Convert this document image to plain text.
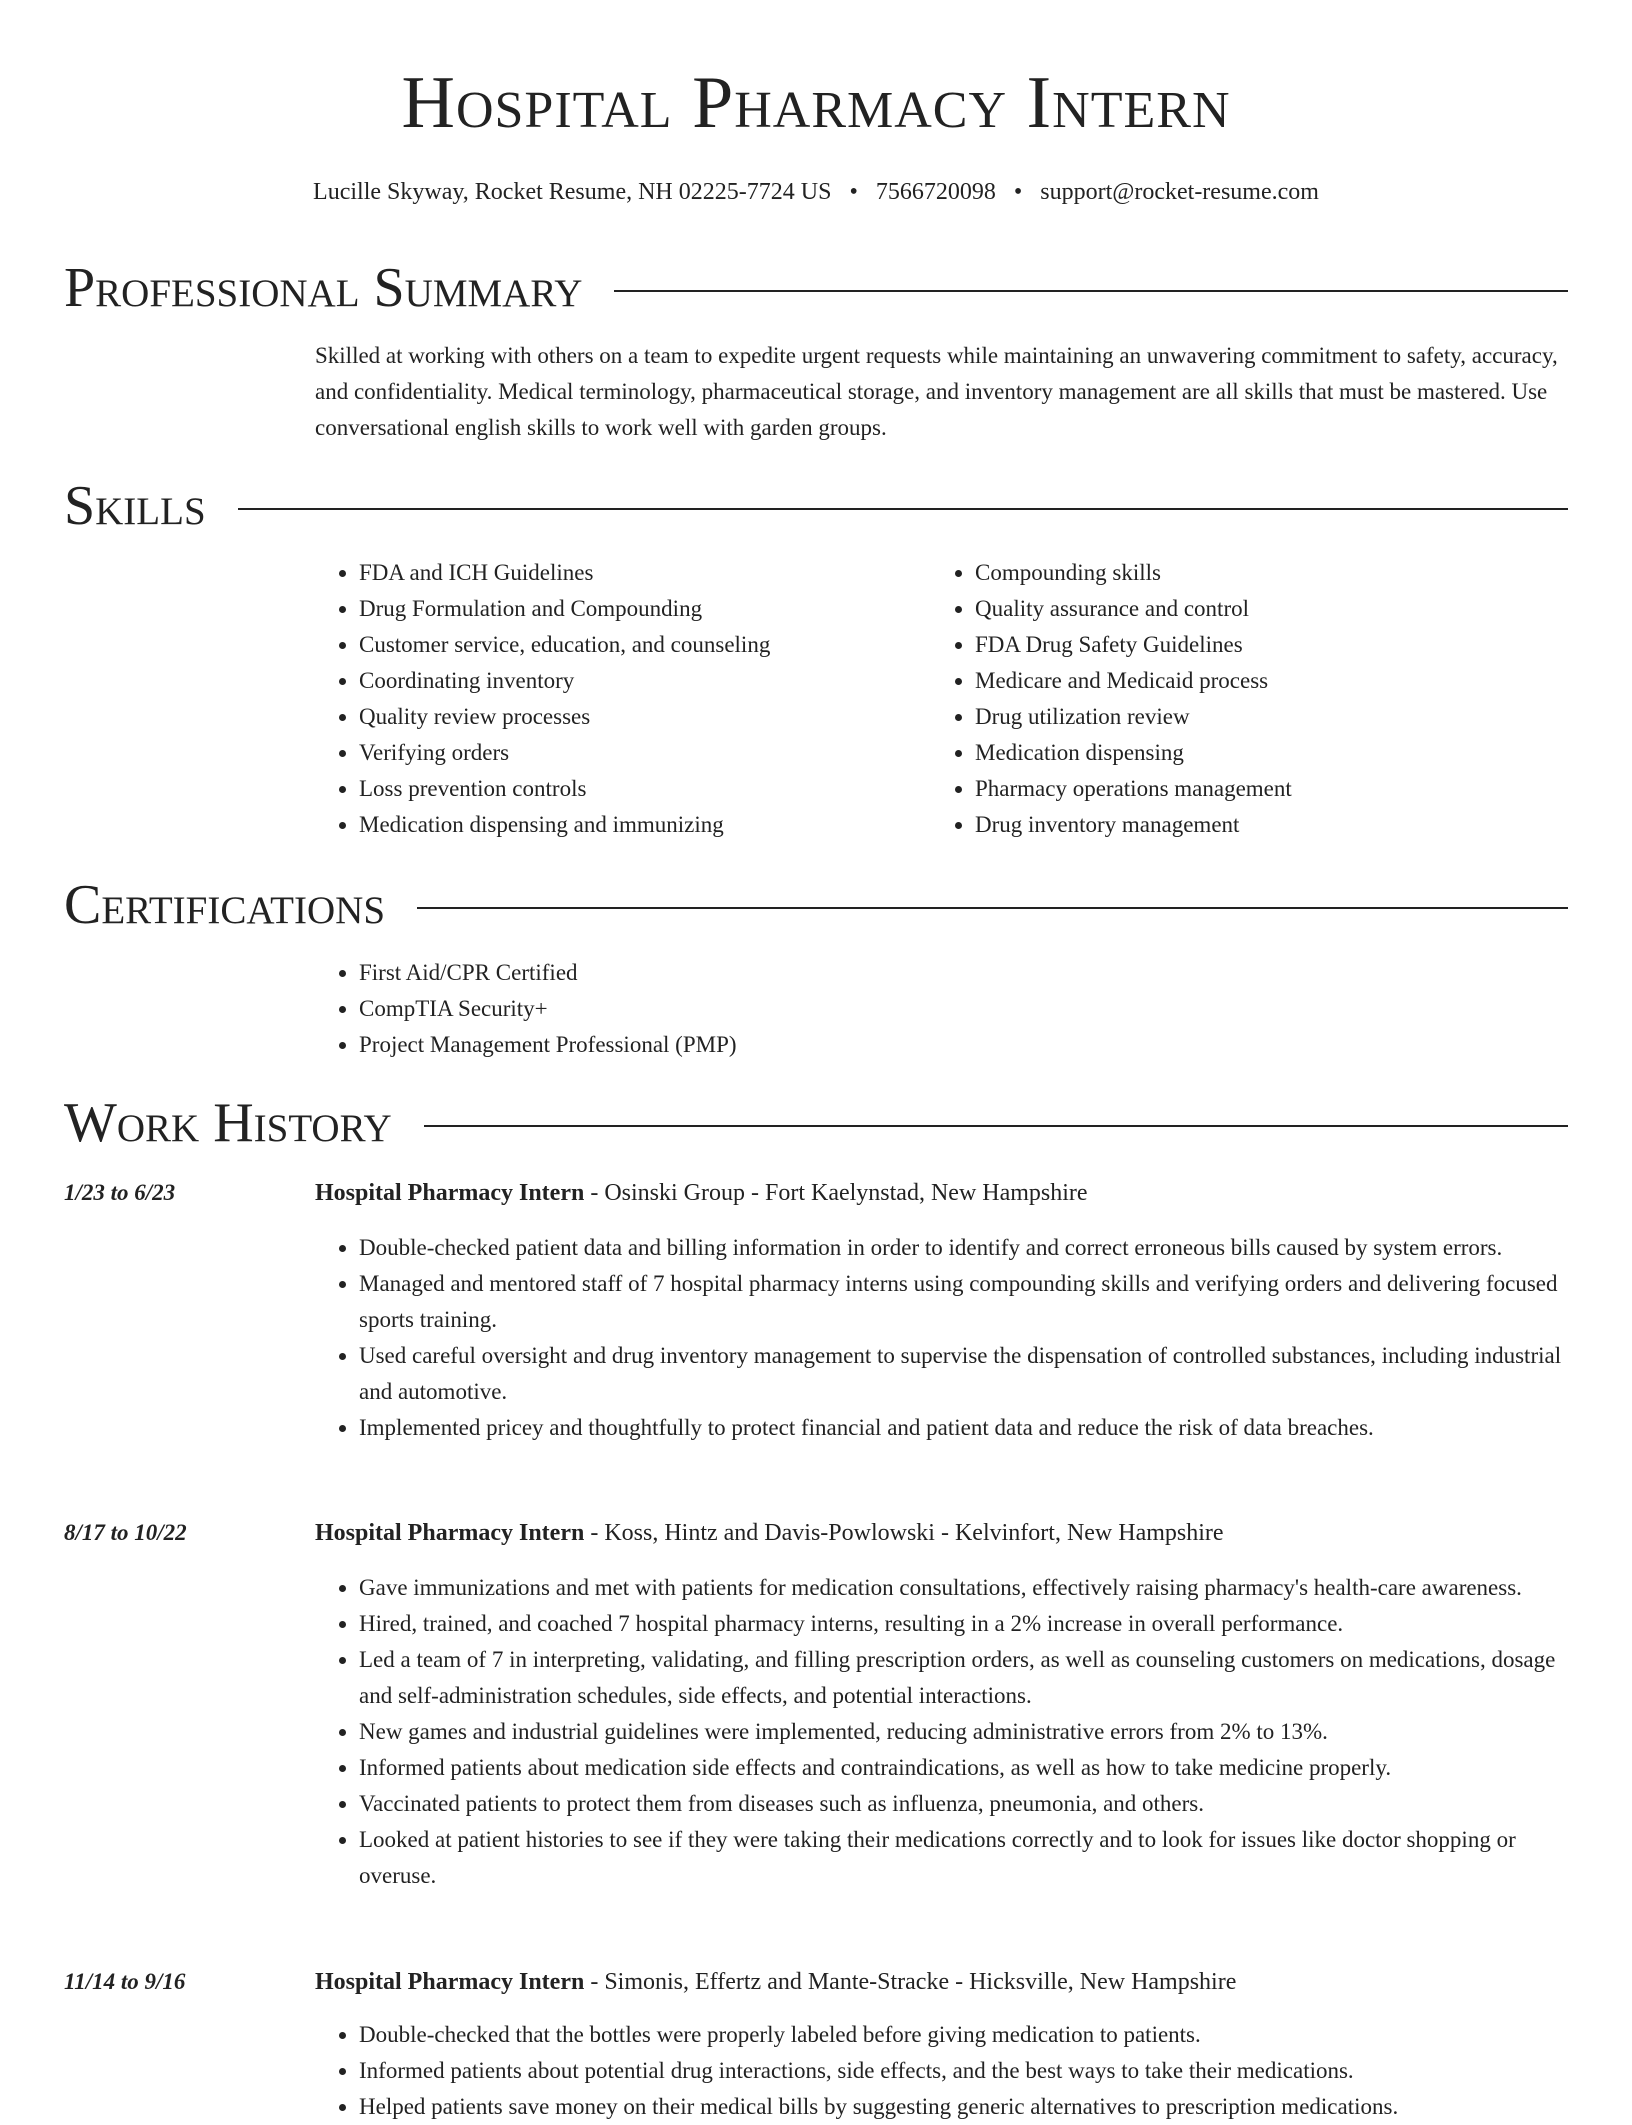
Hospital Pharmacy Intern
Lucille Skyway, Rocket Resume, NH 02225-7724 US • 7566720098 • support@rocket-resume.com
Professional Summary

Skilled at working with others on a team to expedite urgent requests while maintaining an unwavering commitment to safety, accuracy, and confidentiality. Medical terminology, pharmaceutical storage, and inventory management are all skills that must be mastered. Use conversational english skills to work well with garden groups.

Skills
• FDA and ICH Guidelines
• Drug Formulation and Compounding
• Customer service, education, and counseling
• Coordinating inventory
• Quality review processes
• Verifying orders
• Loss prevention controls
• Medication dispensing and immunizing
• Compounding skills
• Quality assurance and control
• FDA Drug Safety Guidelines
• Medicare and Medicaid process
• Drug utilization review
• Medication dispensing
• Pharmacy operations management
• Drug inventory management
Certifications
• First Aid/CPR Certified
• CompTIA Security+
• Project Management Professional (PMP)
Work History
1/23 to 6/23	Hospital Pharmacy Intern - Osinski Group - Fort Kaelynstad, New Hampshire
• Double-checked patient data and billing information in order to identify and correct erroneous bills caused by system errors.
• Managed and mentored staff of 7 hospital pharmacy interns using compounding skills and verifying orders and delivering focused sports training.
• Used careful oversight and drug inventory management to supervise the dispensation of controlled substances, including industrial and automotive.
• Implemented pricey and thoughtfully to protect financial and patient data and reduce the risk of data breaches.
8/17 to 10/22	Hospital Pharmacy Intern - Koss, Hintz and Davis-Powlowski - Kelvinfort, New Hampshire
• Gave immunizations and met with patients for medication consultations, effectively raising pharmacy's health-care awareness.
• Hired, trained, and coached 7 hospital pharmacy interns, resulting in a 2% increase in overall performance.
• Led a team of 7 in interpreting, validating, and filling prescription orders, as well as counseling customers on medications, dosage and self-administration schedules, side effects, and potential interactions.
• New games and industrial guidelines were implemented, reducing administrative errors from 2% to 13%.
• Informed patients about medication side effects and contraindications, as well as how to take medicine properly.
• Vaccinated patients to protect them from diseases such as influenza, pneumonia, and others.
• Looked at patient histories to see if they were taking their medications correctly and to look for issues like doctor shopping or overuse.
11/14 to 9/16	Hospital Pharmacy Intern - Simonis, Effertz and Mante-Stracke - Hicksville, New Hampshire
• Double-checked that the bottles were properly labeled before giving medication to patients.
• Informed patients about potential drug interactions, side effects, and the best ways to take their medications.
• Helped patients save money on their medical bills by suggesting generic alternatives to prescription medications.
